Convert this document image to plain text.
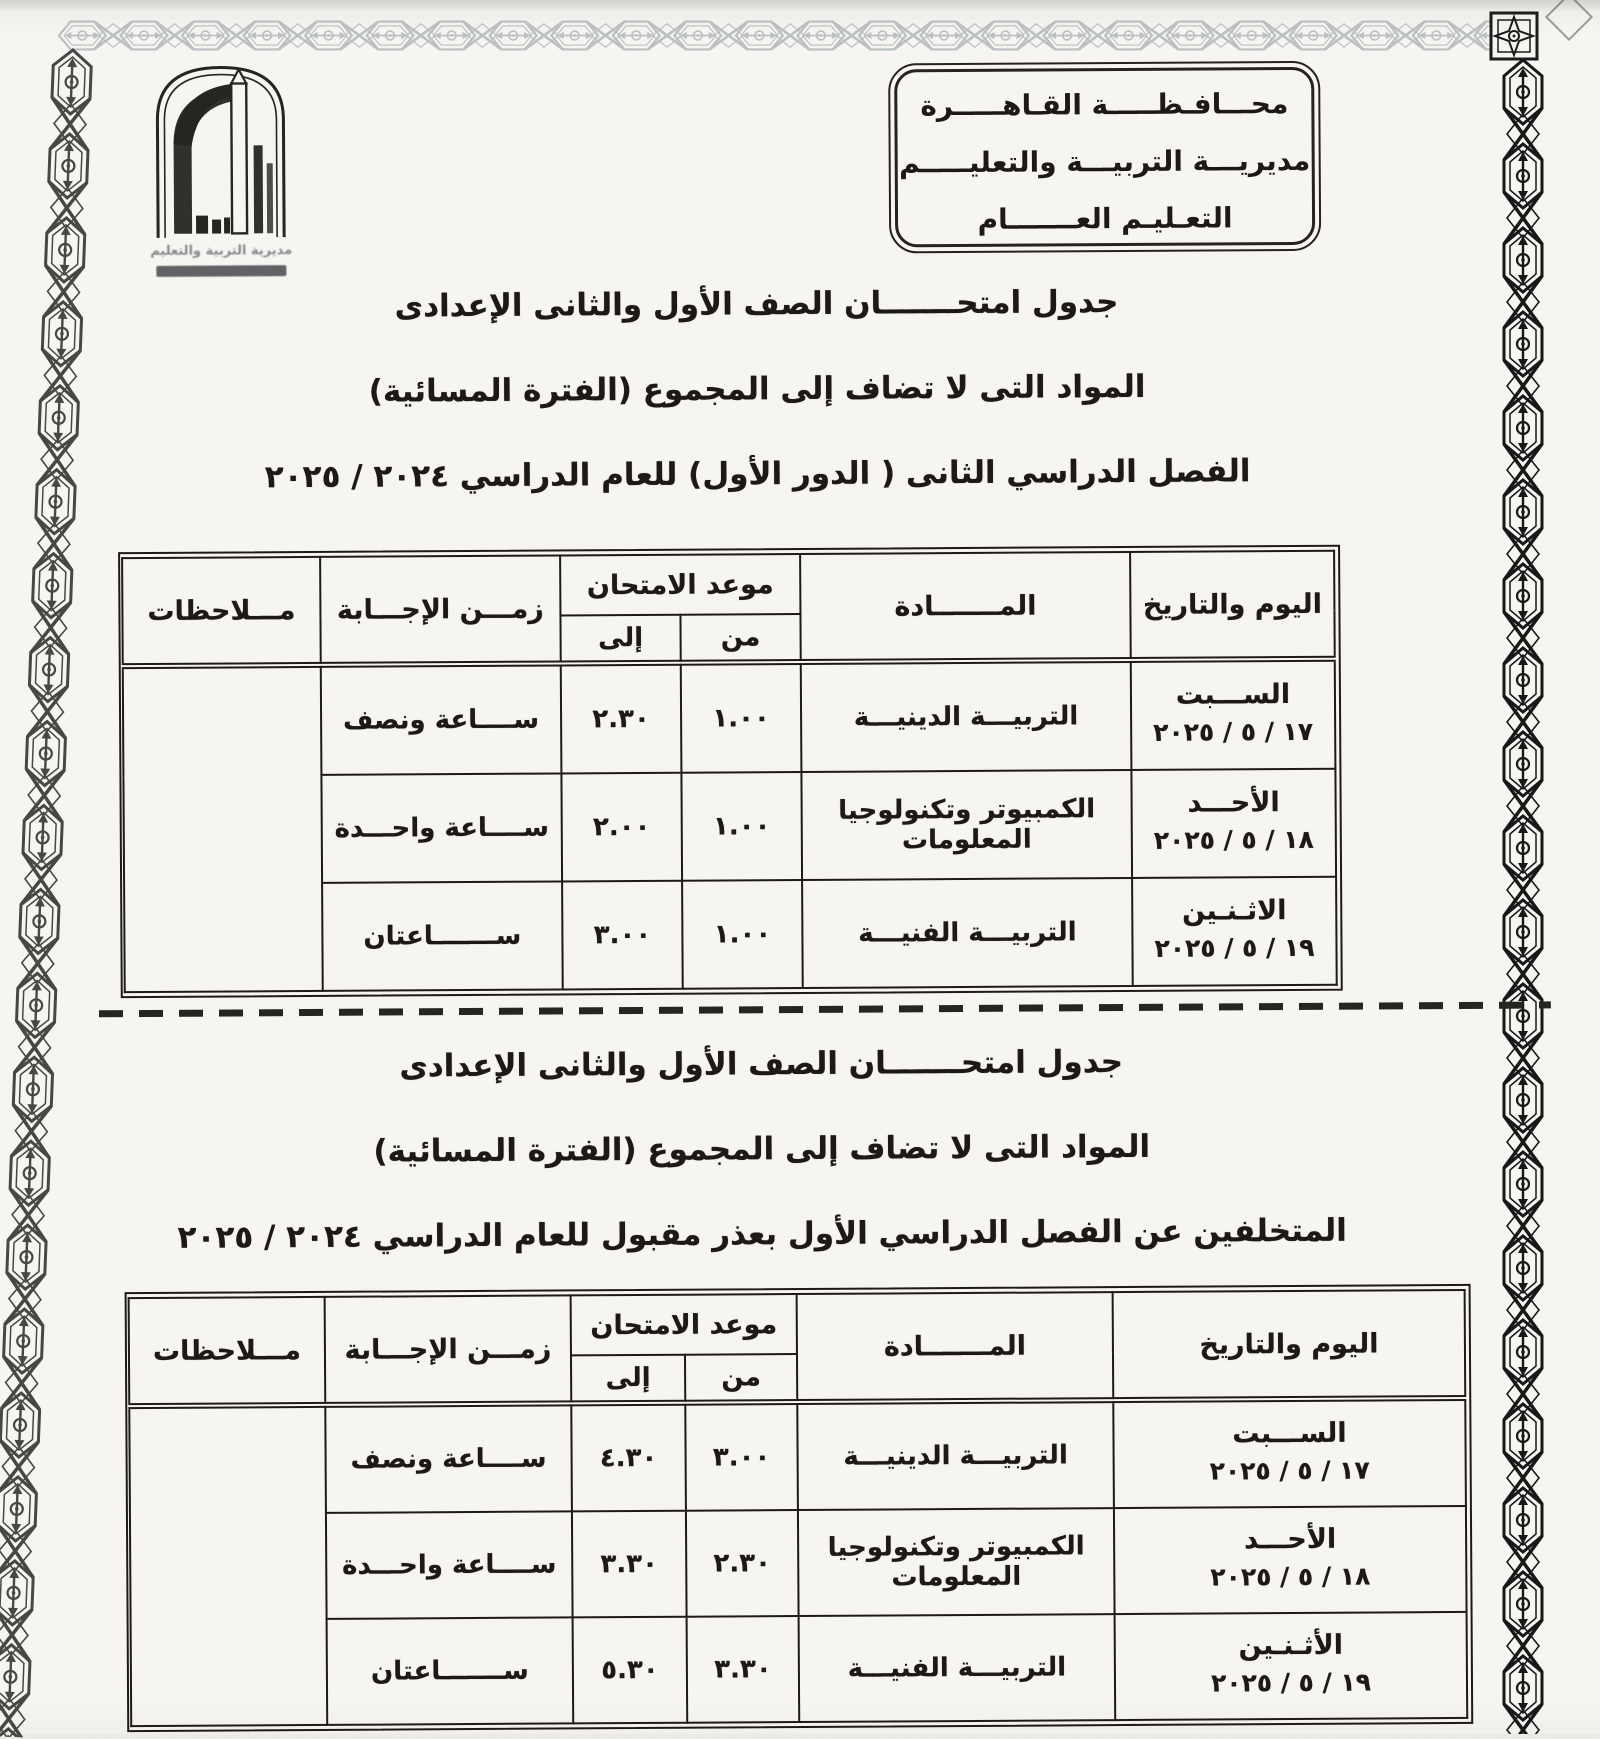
مديرية التربية والتعليم
محـــافـظـــــة القـاهـــــرة
مديريـــة التربيـــة والتعليـــــم
التعـليـم العـــــــام
جدول امتحـــــــان الصف الأول والثانى الإعدادى
المواد التى لا تضاف إلى المجموع (الفترة المسائية)
الفصل الدراسي الثانى ( الدور الأول) للعام الدراسي ٢٠٢٤ / ٢٠٢٥
اليوم والتاريخ	المـــــــادة	موعد الامتحان		زمـــن الإجـــابة	مـــلاحظات
		من	إلى		

الســـبت
١٧ / ٥ / ٢٠٢٥	التربيـــة الدينيـــة	١.٠٠	٢.٣٠	ســــاعة ونصف	

الأحـــد
١٨ / ٥ / ٢٠٢٥	الكمبيوتر وتكنولوجيا المعلومات	١.٠٠	٢.٠٠	ســــاعة واحـــدة	

الاثـنـين
١٩ / ٥ / ٢٠٢٥	التربيـــة الفنيـــة	١.٠٠	٣.٠٠	ســـــــاعتان	
جدول امتحـــــــان الصف الأول والثانى الإعدادى
المواد التى لا تضاف إلى المجموع (الفترة المسائية)
المتخلفين عن الفصل الدراسي الأول بعذر مقبول للعام الدراسي ٢٠٢٤ / ٢٠٢٥
اليوم والتاريخ	المـــــــادة	موعد الامتحان		زمـــن الإجـــابة	مـــلاحظات
		من	إلى		

الســـبت
١٧ / ٥ / ٢٠٢٥	التربيـــة الدينيـــة	٣.٠٠	٤.٣٠	ســــاعة ونصف	

الأحـــد
١٨ / ٥ / ٢٠٢٥	الكمبيوتر وتكنولوجيا المعلومات	٢.٣٠	٣.٣٠	ســــاعة واحـــدة	

الأثـنـين
١٩ / ٥ / ٢٠٢٥	التربيـــة الفنيـــة	٣.٣٠	٥.٣٠	ســـــــاعتان	
